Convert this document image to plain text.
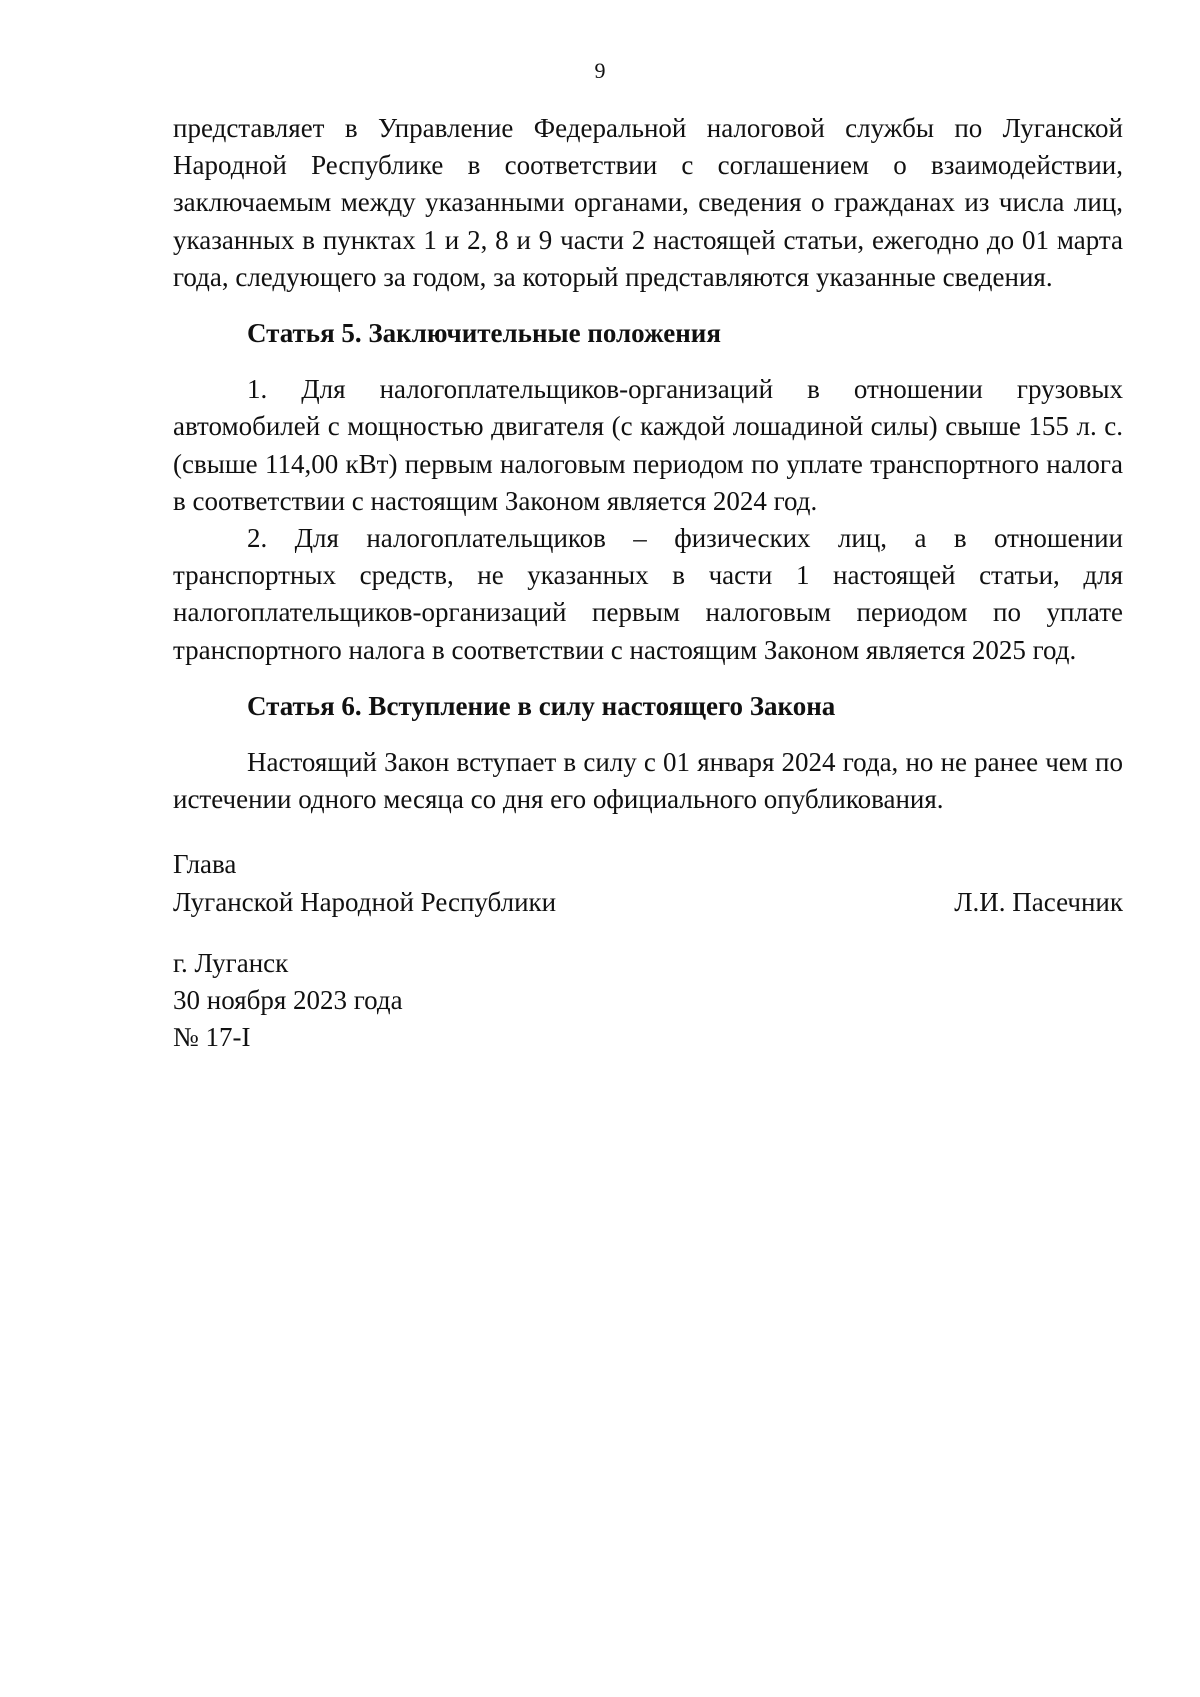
9

представляет в Управление Федеральной налоговой службы по Луганской Народной Республике в соответствии с соглашением о взаимодействии, заключаемым между указанными органами, сведения о гражданах из числа лиц, указанных в пунктах 1 и 2, 8 и 9 части 2 настоящей статьи, ежегодно до 01 марта года, следующего за годом, за который представляются указанные сведения.

Статья 5. Заключительные положения

1. Для налогоплательщиков-организаций в отношении грузовых автомобилей с мощностью двигателя (с каждой лошадиной силы) свыше 155 л. с. (свыше 114,00 кВт) первым налоговым периодом по уплате транспортного налога в соответствии с настоящим Законом является 2024 год.

2. Для налогоплательщиков – физических лиц, а в отношении транспортных средств, не указанных в части 1 настоящей статьи, для налогоплательщиков-организаций первым налоговым периодом по уплате транспортного налога в соответствии с настоящим Законом является 2025 год.

Статья 6. Вступление в силу настоящего Закона

Настоящий Закон вступает в силу с 01 января 2024 года, но не ранее чем по истечении одного месяца со дня его официального опубликования.

Глава
Луганской Народной Республики	Л.И. Пасечник
г. Луганск
30 ноября 2023 года
№ 17-I
